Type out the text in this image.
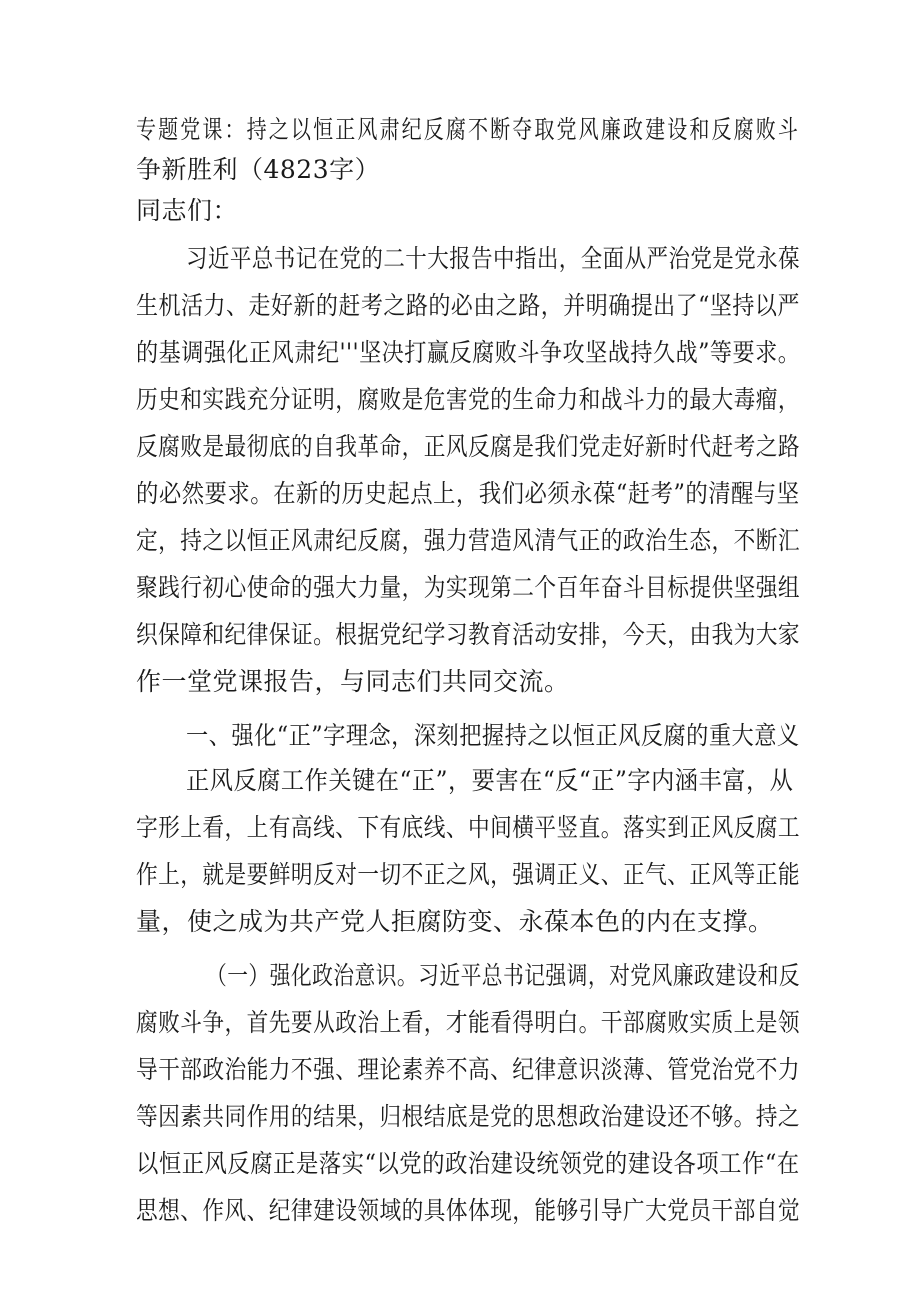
专题党课：持之以恒正风肃纪反腐不断夺取党风廉政建设和反腐败斗
争新胜利（4823字）
同志们：
习近平总书记在党的二十大报告中指出，全面从严治党是党永葆
生机活力、走好新的赶考之路的必由之路，并明确提出了“坚持以严
的基调强化正风肃纪'''坚决打赢反腐败斗争攻坚战持久战”等要求。
历史和实践充分证明，腐败是危害党的生命力和战斗力的最大毒瘤，
反腐败是最彻底的自我革命，正风反腐是我们党走好新时代赶考之路
的必然要求。在新的历史起点上，我们必须永葆“赶考”的清醒与坚
定，持之以恒正风肃纪反腐，强力营造风清气正的政治生态，不断汇
聚践行初心使命的强大力量，为实现第二个百年奋斗目标提供坚强组
织保障和纪律保证。根据党纪学习教育活动安排，今天，由我为大家
作一堂党课报告，与同志们共同交流。
一、强化“正”字理念，深刻把握持之以恒正风反腐的重大意义
正风反腐工作关键在“正”，要害在“反“正”字内涵丰富，从
字形上看，上有高线、下有底线、中间横平竖直。落实到正风反腐工
作上，就是要鲜明反对一切不正之风，强调正义、正气、正风等正能
量，使之成为共产党人拒腐防变、永葆本色的内在支撑。
（一）强化政治意识。习近平总书记强调，对党风廉政建设和反
腐败斗争，首先要从政治上看，才能看得明白。干部腐败实质上是领
导干部政治能力不强、理论素养不高、纪律意识淡薄、管党治党不力
等因素共同作用的结果，归根结底是党的思想政治建设还不够。持之
以恒正风反腐正是落实“以党的政治建设统领党的建设各项工作“在
思想、作风、纪律建设领域的具体体现，能够引导广大党员干部自觉
